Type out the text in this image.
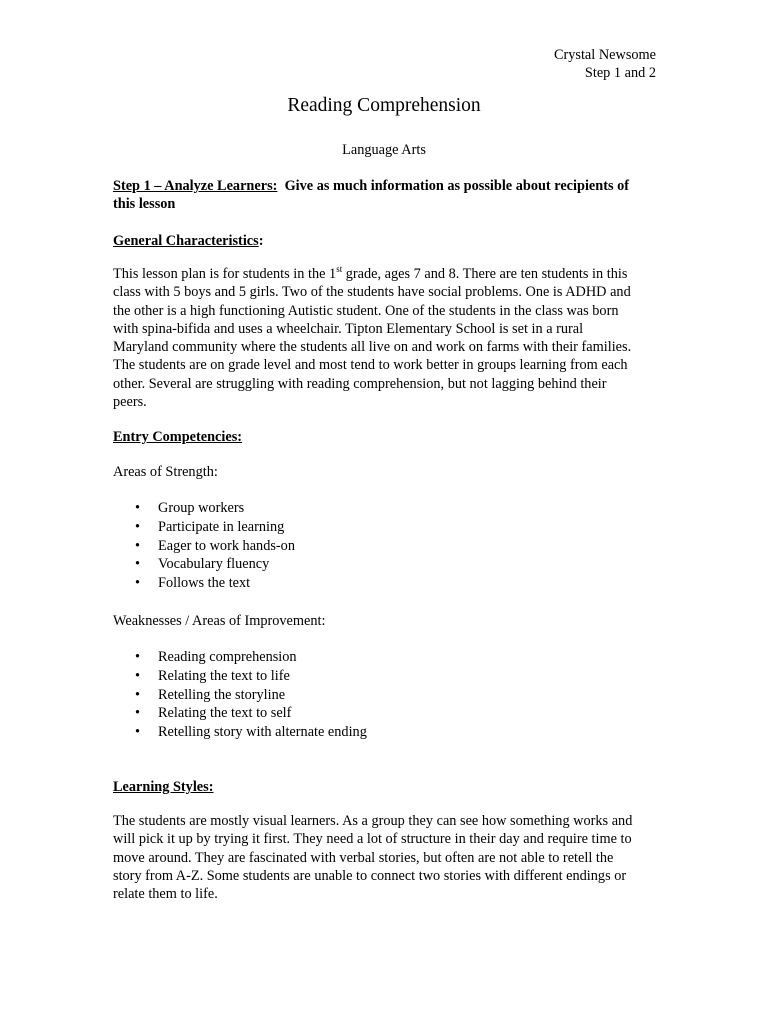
Crystal Newsome
Step 1 and 2
Reading Comprehension
Language Arts
Step 1 – Analyze Learners: Give as much information as possible about recipients of this lesson
General Characteristics:
This lesson plan is for students in the 1st grade, ages 7 and 8. There are ten students in this class with 5 boys and 5 girls. Two of the students have social problems. One is ADHD and the other is a high functioning Autistic student. One of the students in the class was born with spina-bifida and uses a wheelchair. Tipton Elementary School is set in a rural Maryland community where the students all live on and work on farms with their families. The students are on grade level and most tend to work better in groups learning from each other. Several are struggling with reading comprehension, but not lagging behind their peers.
Entry Competencies:
Areas of Strength:
• Group workers
• Participate in learning
• Eager to work hands-on
• Vocabulary fluency
• Follows the text
Weaknesses / Areas of Improvement:
• Reading comprehension
• Relating the text to life
• Retelling the storyline
• Relating the text to self
• Retelling story with alternate ending
Learning Styles:
The students are mostly visual learners. As a group they can see how something works and will pick it up by trying it first. They need a lot of structure in their day and require time to move around. They are fascinated with verbal stories, but often are not able to retell the story from A-Z. Some students are unable to connect two stories with different endings or relate them to life.
